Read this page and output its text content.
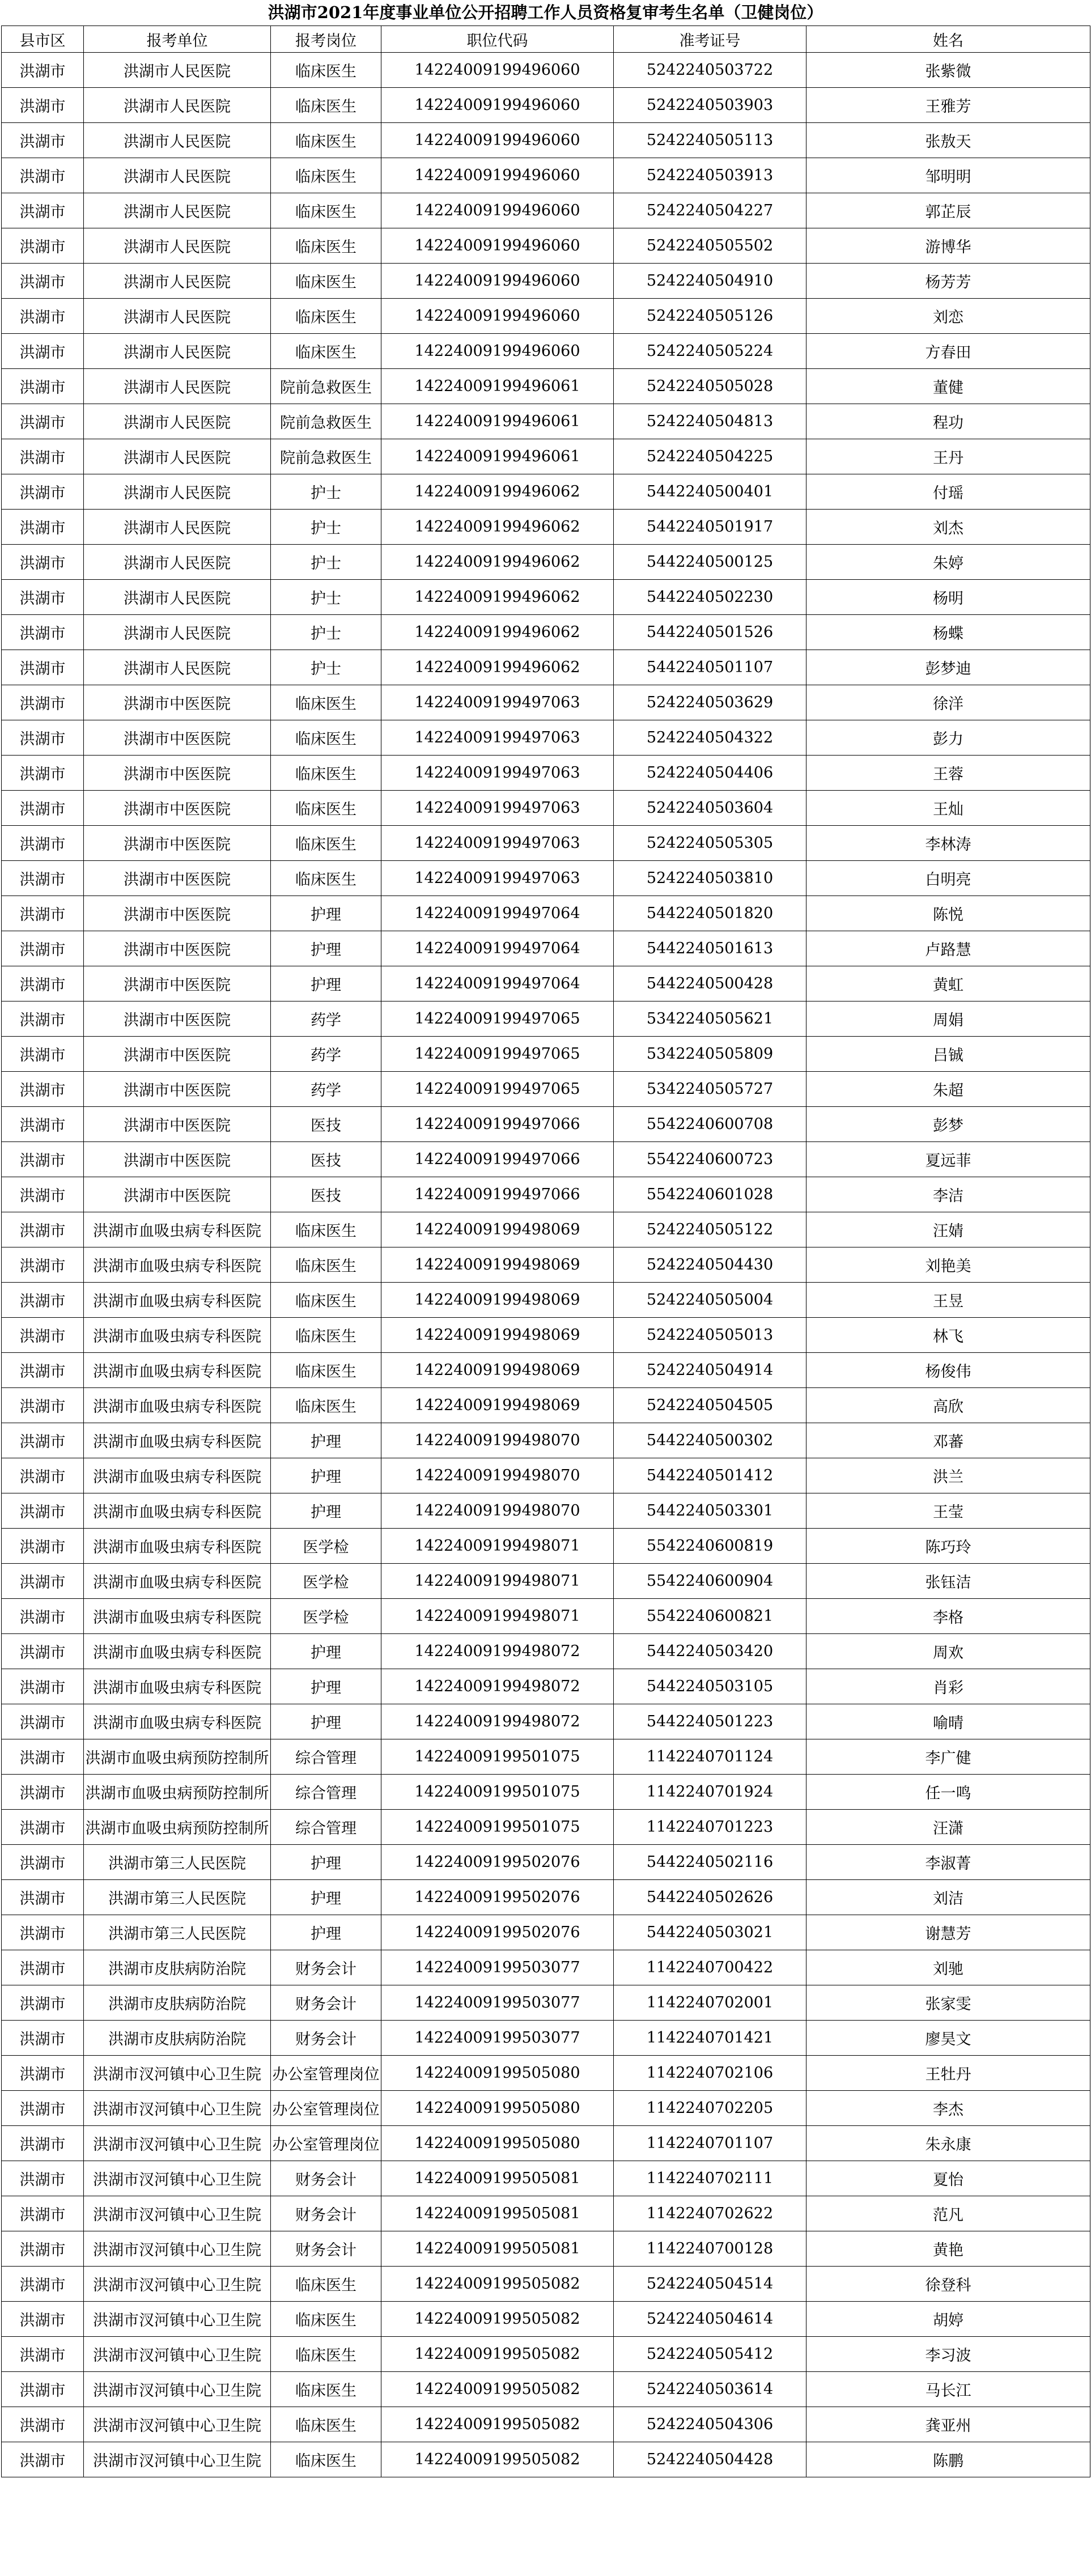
洪湖市2021年度事业单位公开招聘工作人员资格复审考生名单（卫健岗位）
县市区	报考单位	报考岗位	职位代码	准考证号	姓名
洪湖市	洪湖市人民医院	临床医生	14224009199496060	5242240503722	张紫微
洪湖市	洪湖市人民医院	临床医生	14224009199496060	5242240503903	王雅芳
洪湖市	洪湖市人民医院	临床医生	14224009199496060	5242240505113	张敖天
洪湖市	洪湖市人民医院	临床医生	14224009199496060	5242240503913	邹明明
洪湖市	洪湖市人民医院	临床医生	14224009199496060	5242240504227	郭芷辰
洪湖市	洪湖市人民医院	临床医生	14224009199496060	5242240505502	游博华
洪湖市	洪湖市人民医院	临床医生	14224009199496060	5242240504910	杨芳芳
洪湖市	洪湖市人民医院	临床医生	14224009199496060	5242240505126	刘恋
洪湖市	洪湖市人民医院	临床医生	14224009199496060	5242240505224	方春田
洪湖市	洪湖市人民医院	院前急救医生	14224009199496061	5242240505028	董健
洪湖市	洪湖市人民医院	院前急救医生	14224009199496061	5242240504813	程功
洪湖市	洪湖市人民医院	院前急救医生	14224009199496061	5242240504225	王丹
洪湖市	洪湖市人民医院	护士	14224009199496062	5442240500401	付瑶
洪湖市	洪湖市人民医院	护士	14224009199496062	5442240501917	刘杰
洪湖市	洪湖市人民医院	护士	14224009199496062	5442240500125	朱婷
洪湖市	洪湖市人民医院	护士	14224009199496062	5442240502230	杨明
洪湖市	洪湖市人民医院	护士	14224009199496062	5442240501526	杨蝶
洪湖市	洪湖市人民医院	护士	14224009199496062	5442240501107	彭梦迪
洪湖市	洪湖市中医医院	临床医生	14224009199497063	5242240503629	徐洋
洪湖市	洪湖市中医医院	临床医生	14224009199497063	5242240504322	彭力
洪湖市	洪湖市中医医院	临床医生	14224009199497063	5242240504406	王蓉
洪湖市	洪湖市中医医院	临床医生	14224009199497063	5242240503604	王灿
洪湖市	洪湖市中医医院	临床医生	14224009199497063	5242240505305	李林涛
洪湖市	洪湖市中医医院	临床医生	14224009199497063	5242240503810	白明亮
洪湖市	洪湖市中医医院	护理	14224009199497064	5442240501820	陈悦
洪湖市	洪湖市中医医院	护理	14224009199497064	5442240501613	卢路慧
洪湖市	洪湖市中医医院	护理	14224009199497064	5442240500428	黄虹
洪湖市	洪湖市中医医院	药学	14224009199497065	5342240505621	周娟
洪湖市	洪湖市中医医院	药学	14224009199497065	5342240505809	吕铖
洪湖市	洪湖市中医医院	药学	14224009199497065	5342240505727	朱超
洪湖市	洪湖市中医医院	医技	14224009199497066	5542240600708	彭梦
洪湖市	洪湖市中医医院	医技	14224009199497066	5542240600723	夏远菲
洪湖市	洪湖市中医医院	医技	14224009199497066	5542240601028	李洁
洪湖市	洪湖市血吸虫病专科医院	临床医生	14224009199498069	5242240505122	汪婧
洪湖市	洪湖市血吸虫病专科医院	临床医生	14224009199498069	5242240504430	刘艳美
洪湖市	洪湖市血吸虫病专科医院	临床医生	14224009199498069	5242240505004	王昱
洪湖市	洪湖市血吸虫病专科医院	临床医生	14224009199498069	5242240505013	林飞
洪湖市	洪湖市血吸虫病专科医院	临床医生	14224009199498069	5242240504914	杨俊伟
洪湖市	洪湖市血吸虫病专科医院	临床医生	14224009199498069	5242240504505	高欣
洪湖市	洪湖市血吸虫病专科医院	护理	14224009199498070	5442240500302	邓蕃
洪湖市	洪湖市血吸虫病专科医院	护理	14224009199498070	5442240501412	洪兰
洪湖市	洪湖市血吸虫病专科医院	护理	14224009199498070	5442240503301	王莹
洪湖市	洪湖市血吸虫病专科医院	医学检	14224009199498071	5542240600819	陈巧玲
洪湖市	洪湖市血吸虫病专科医院	医学检	14224009199498071	5542240600904	张钰洁
洪湖市	洪湖市血吸虫病专科医院	医学检	14224009199498071	5542240600821	李格
洪湖市	洪湖市血吸虫病专科医院	护理	14224009199498072	5442240503420	周欢
洪湖市	洪湖市血吸虫病专科医院	护理	14224009199498072	5442240503105	肖彩
洪湖市	洪湖市血吸虫病专科医院	护理	14224009199498072	5442240501223	喻晴
洪湖市	洪湖市血吸虫病预防控制所	综合管理	14224009199501075	1142240701124	李广健
洪湖市	洪湖市血吸虫病预防控制所	综合管理	14224009199501075	1142240701924	任一鸣
洪湖市	洪湖市血吸虫病预防控制所	综合管理	14224009199501075	1142240701223	汪潇
洪湖市	洪湖市第三人民医院	护理	14224009199502076	5442240502116	李淑菁
洪湖市	洪湖市第三人民医院	护理	14224009199502076	5442240502626	刘洁
洪湖市	洪湖市第三人民医院	护理	14224009199502076	5442240503021	谢慧芳
洪湖市	洪湖市皮肤病防治院	财务会计	14224009199503077	1142240700422	刘驰
洪湖市	洪湖市皮肤病防治院	财务会计	14224009199503077	1142240702001	张家雯
洪湖市	洪湖市皮肤病防治院	财务会计	14224009199503077	1142240701421	廖昊文
洪湖市	洪湖市汊河镇中心卫生院	办公室管理岗位	14224009199505080	1142240702106	王牡丹
洪湖市	洪湖市汊河镇中心卫生院	办公室管理岗位	14224009199505080	1142240702205	李杰
洪湖市	洪湖市汊河镇中心卫生院	办公室管理岗位	14224009199505080	1142240701107	朱永康
洪湖市	洪湖市汊河镇中心卫生院	财务会计	14224009199505081	1142240702111	夏怡
洪湖市	洪湖市汊河镇中心卫生院	财务会计	14224009199505081	1142240702622	范凡
洪湖市	洪湖市汊河镇中心卫生院	财务会计	14224009199505081	1142240700128	黄艳
洪湖市	洪湖市汊河镇中心卫生院	临床医生	14224009199505082	5242240504514	徐登科
洪湖市	洪湖市汊河镇中心卫生院	临床医生	14224009199505082	5242240504614	胡婷
洪湖市	洪湖市汊河镇中心卫生院	临床医生	14224009199505082	5242240505412	李习波
洪湖市	洪湖市汊河镇中心卫生院	临床医生	14224009199505082	5242240503614	马长江
洪湖市	洪湖市汊河镇中心卫生院	临床医生	14224009199505082	5242240504306	龚亚州
洪湖市	洪湖市汊河镇中心卫生院	临床医生	14224009199505082	5242240504428	陈鹏
